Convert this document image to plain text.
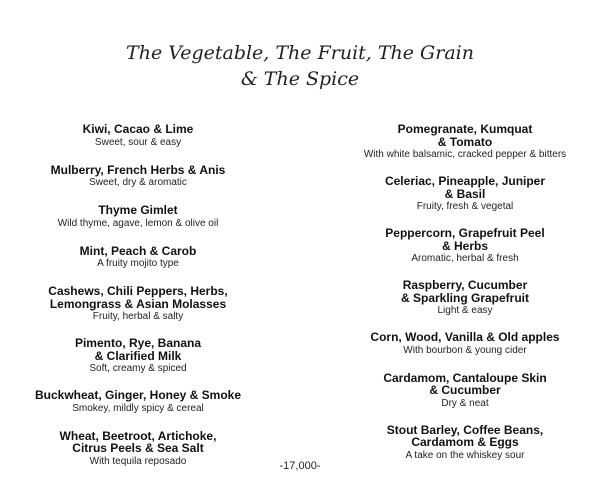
The Vegetable, The Fruit, The Grain
& The Spice
Kiwi, Cacao & Lime
Sweet, sour & easy
Mulberry, French Herbs & Anis
Sweet, dry & aromatic
Thyme Gimlet
Wild thyme, agave, lemon & olive oil
Mint, Peach & Carob
A fruity mojito type
Cashews, Chili Peppers, Herbs,
Lemongrass & Asian Molasses
Fruity, herbal & salty
Pimento, Rye, Banana
& Clarified Milk
Soft, creamy & spiced
Buckwheat, Ginger, Honey & Smoke
Smokey, mildly spicy & cereal
Wheat, Beetroot, Artichoke,
Citrus Peels & Sea Salt
With tequila reposado
Pomegranate, Kumquat
& Tomato
With white balsamic, cracked pepper & bitters
Celeriac, Pineapple, Juniper
& Basil
Fruity, fresh & vegetal
Peppercorn, Grapefruit Peel
& Herbs
Aromatic, herbal & fresh
Raspberry, Cucumber
& Sparkling Grapefruit
Light & easy
Corn, Wood, Vanilla & Old apples
With bourbon & young cider
Cardamom, Cantaloupe Skin
& Cucumber
Dry & neat
Stout Barley, Coffee Beans,
Cardamom & Eggs
A take on the whiskey sour
-17,000-
